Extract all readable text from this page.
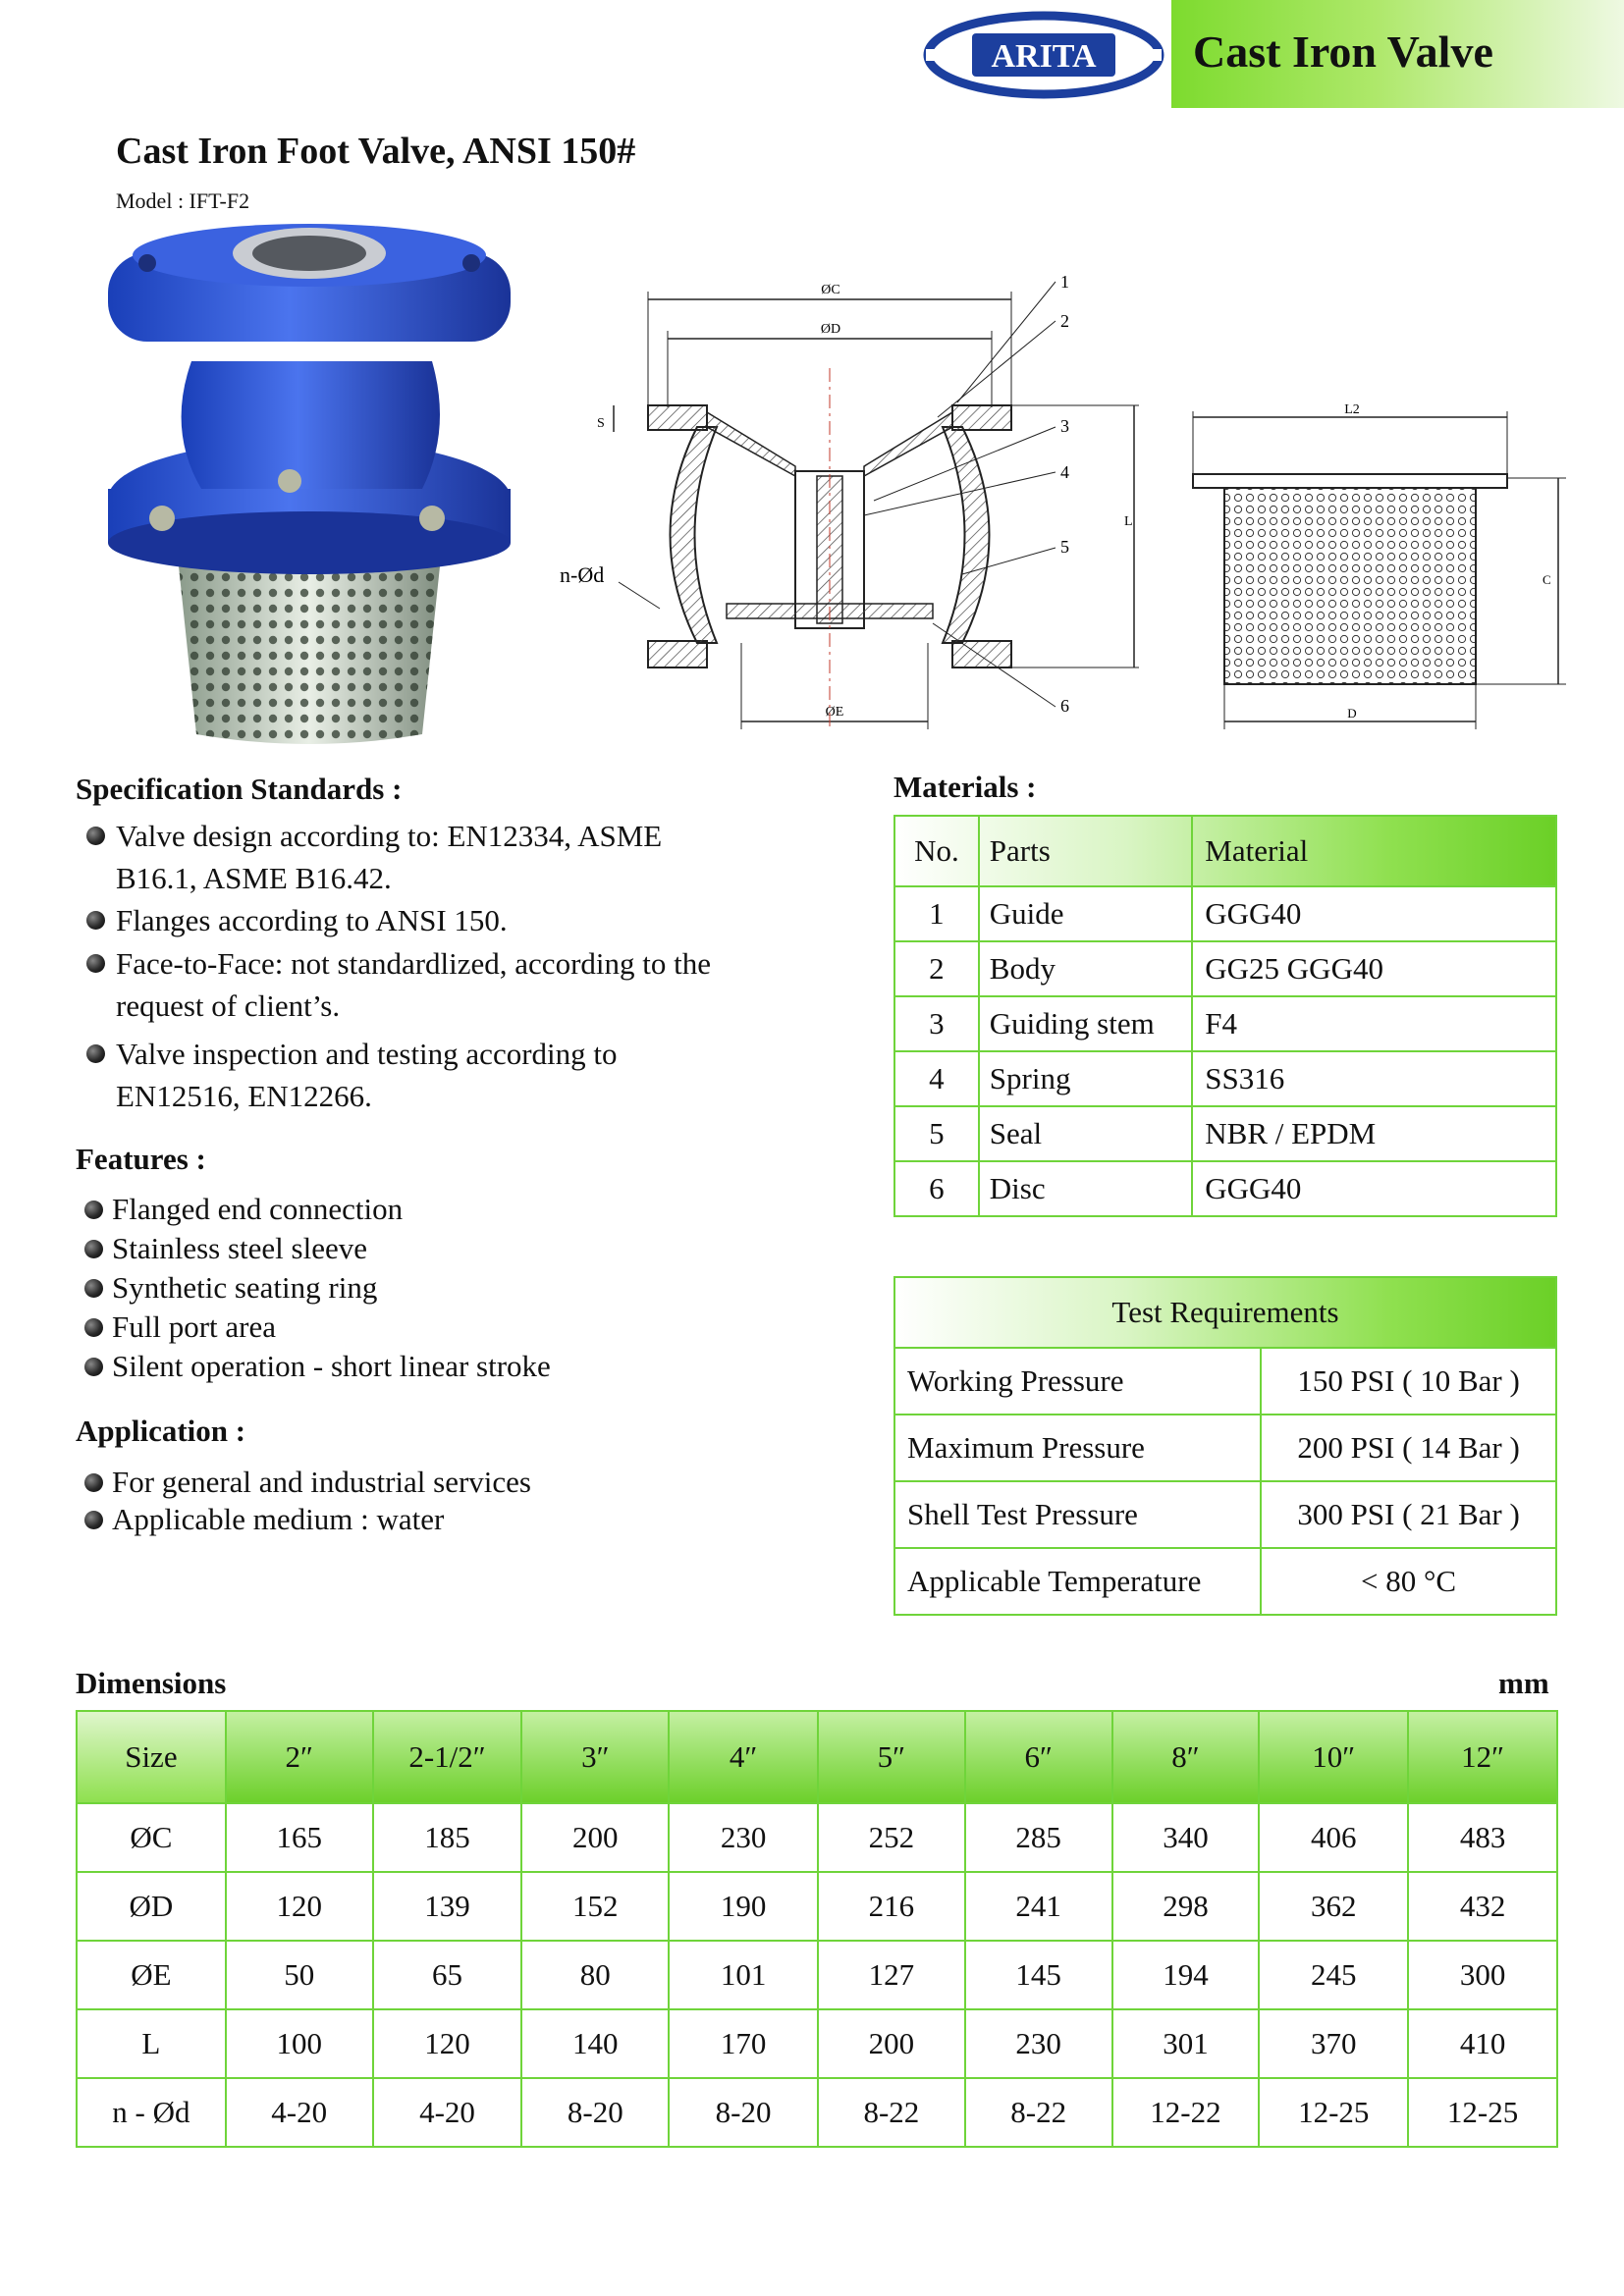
ARITA Cast Iron Valve
Cast Iron Foot Valve, ANSI 150#
Model : IFT-F2
ØC
ØD
ØE
L
S
n-Ød
1
2
3
4
5
6
L2
D
C
Specification Standards :
Valve design according to: EN12334, ASME B16.1, ASME B16.42.
Flanges according to ANSI 150.
Face-to-Face: not standardlized, according to the request of client’s.
Valve inspection and testing according to EN12516, EN12266.
Features :
Flanged end connection
Stainless steel sleeve
Synthetic seating ring
Full port area
Silent operation - short linear stroke
Application :
For general and industrial services
Applicable medium : water
Materials :
No.	Parts	Material
1	Guide	GGG40
2	Body	GG25 GGG40
3	Guiding stem	F4
4	Spring	SS316
5	Seal	NBR / EPDM
6	Disc	GGG40
Test Requirements	
Working Pressure	150 PSI ( 10 Bar )
Maximum Pressure	200 PSI ( 14 Bar )
Shell Test Pressure	300 PSI ( 21 Bar )
Applicable Temperature	< 80 °C
Dimensions	mm
Size	2″	2-1/2″	3″	4″	5″	6″	8″	10″	12″
ØC	165	185	200	230	252	285	340	406	483
ØD	120	139	152	190	216	241	298	362	432
ØE	50	65	80	101	127	145	194	245	300
L	100	120	140	170	200	230	301	370	410
n - Ød	4-20	4-20	8-20	8-20	8-22	8-22	12-22	12-25	12-25
